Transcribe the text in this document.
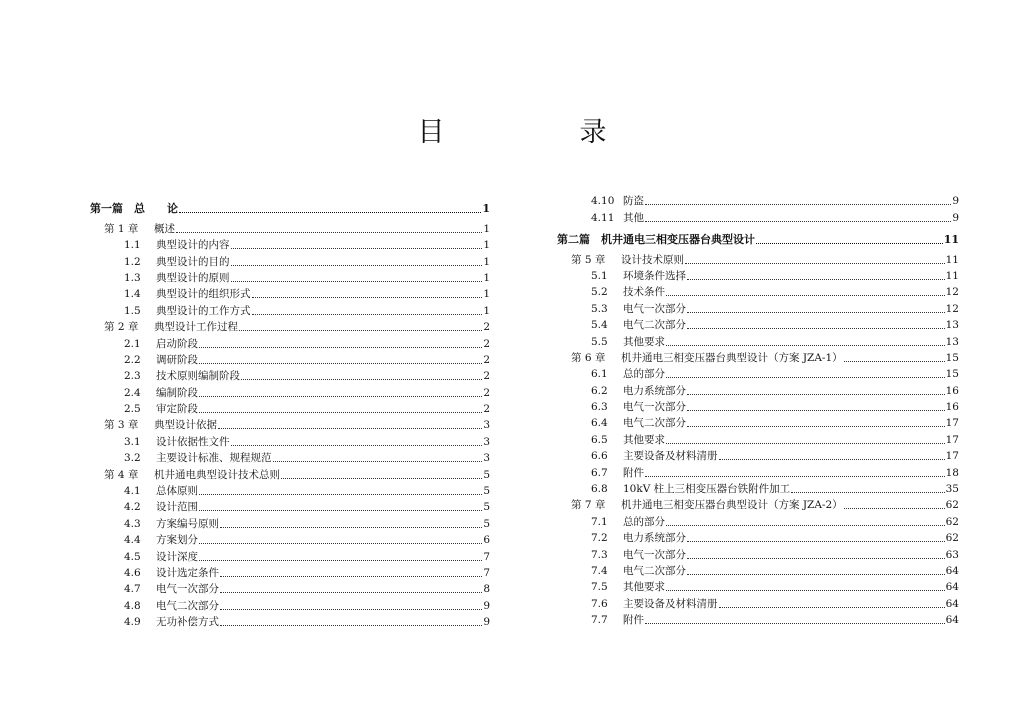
目　录
第一篇 　总　　论	1
第 1 章	概述	1
1.1	典型设计的内容	1
1.2	典型设计的目的	1
1.3	典型设计的原则	1
1.4	典型设计的组织形式	1
1.5	典型设计的工作方式	1
第 2 章	典型设计工作过程	2
2.1	启动阶段	2
2.2	调研阶段	2
2.3	技术原则编制阶段	2
2.4	编制阶段	2
2.5	审定阶段	2
第 3 章	典型设计依据	3
3.1	设计依据性文件	3
3.2	主要设计标准、规程规范	3
第 4 章	机井通电典型设计技术总则	5
4.1	总体原则	5
4.2	设计范围	5
4.3	方案编号原则	5
4.4	方案划分	6
4.5	设计深度	7
4.6	设计选定条件	7
4.7	电气一次部分	8
4.8	电气二次部分	9
4.9	无功补偿方式	9
4.10 防盗	9
4.11 其他	9
第二篇 　机井通电三相变压器台典型设计	11
第 5 章	设计技术原则	11
5.1	环境条件选择	11
5.2	技术条件	12
5.3	电气一次部分	12
5.4	电气二次部分	13
5.5	其他要求	13
第 6 章	机井通电三相变压器台典型设计（方案 JZA-1）	15
6.1	总的部分	15
6.2	电力系统部分	16
6.3	电气一次部分	16
6.4	电气二次部分	17
6.5	其他要求	17
6.6	主要设备及材料清册	17
6.7	附件	18
6.8	10kV 柱上三相变压器台铁附件加工	35
第 7 章	机井通电三相变压器台典型设计（方案 JZA-2）	62
7.1	总的部分	62
7.2	电力系统部分	62
7.3	电气一次部分	63
7.4	电气二次部分	64
7.5	其他要求	64
7.6	主要设备及材料清册	64
7.7	附件	64
